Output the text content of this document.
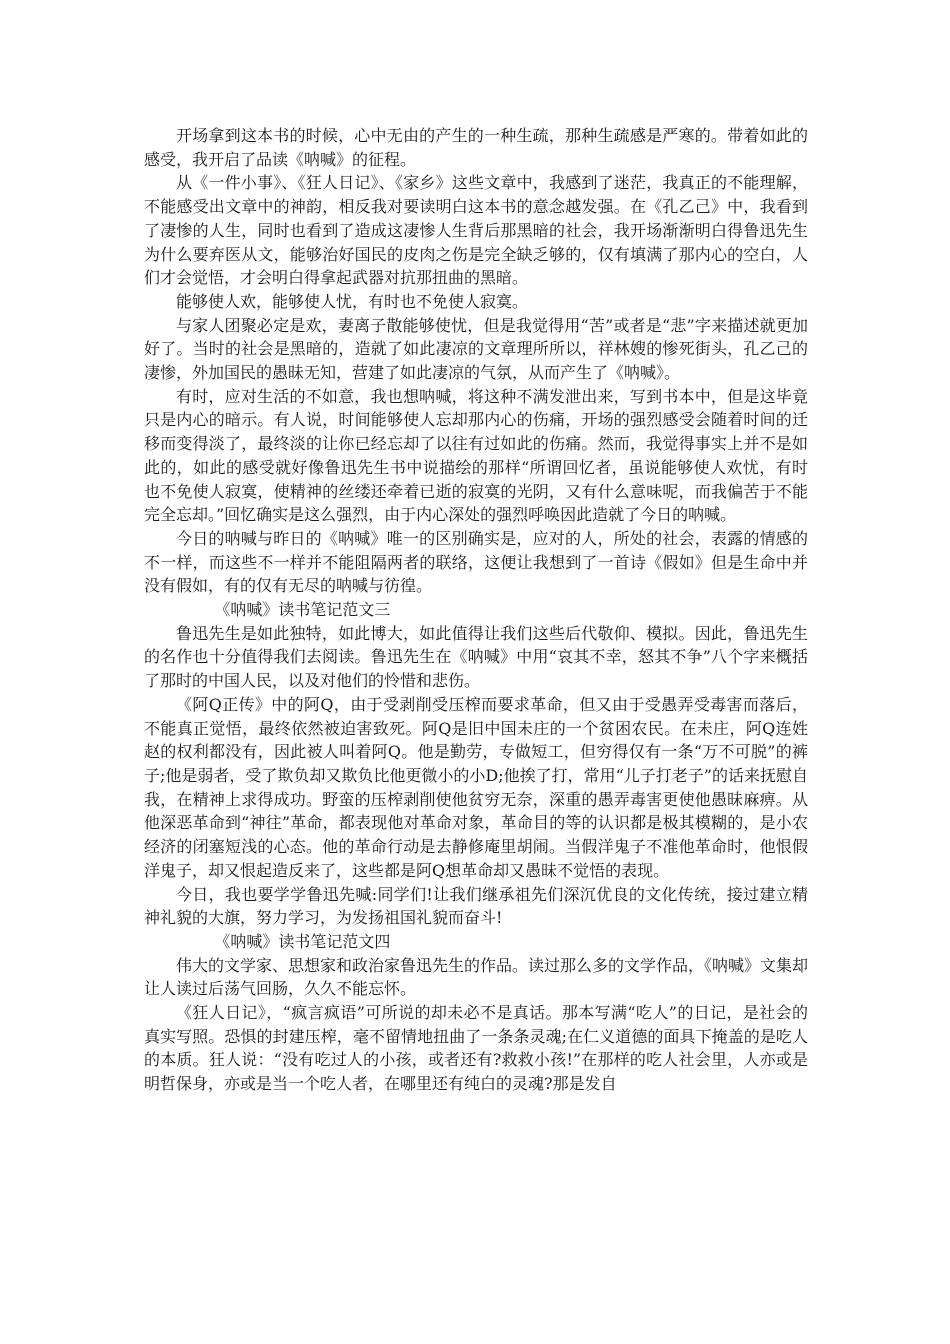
开场拿到这本书的时候，心中无由的产生的一种生疏，那种生疏感是严寒的。带着如此的感受，我开启了品读《呐喊》的征程。

从《一件小事》、《狂人日记》、《家乡》这些文章中，我感到了迷茫，我真正的不能理解，不能感受出文章中的神韵，相反我对要读明白这本书的意念越发强。在《孔乙己》中，我看到了凄惨的人生，同时也看到了造成这凄惨人生背后那黑暗的社会，我开场渐渐明白得鲁迅先生为什么要弃医从文，能够治好国民的皮肉之伤是完全缺乏够的，仅有填满了那内心的空白，人们才会觉悟，才会明白得拿起武器对抗那扭曲的黑暗。

能够使人欢，能够使人忧，有时也不免使人寂寞。

与家人团聚必定是欢，妻离子散能够使忧，但是我觉得用“苦”或者是“悲”字来描述就更加好了。当时的社会是黑暗的，造就了如此凄凉的文章理所所以，祥林嫂的惨死街头，孔乙己的凄惨，外加国民的愚昧无知，营建了如此凄凉的气氛，从而产生了《呐喊》。

有时，应对生活的不如意，我也想呐喊，将这种不满发泄出来，写到书本中，但是这毕竟只是内心的暗示。有人说，时间能够使人忘却那内心的伤痛，开场的强烈感受会随着时间的迁移而变得淡了，最终淡的让你已经忘却了以往有过如此的伤痛。然而，我觉得事实上并不是如此的，如此的感受就好像鲁迅先生书中说描绘的那样“所谓回忆者，虽说能够使人欢忧，有时也不免使人寂寞，使精神的丝缕还牵着已逝的寂寞的光阴，又有什么意味呢，而我偏苦于不能完全忘却。”回忆确实是这么强烈，由于内心深处的强烈呼唤因此造就了今日的呐喊。

今日的呐喊与昨日的《呐喊》唯一的区别确实是，应对的人，所处的社会，表露的情感的不一样，而这些不一样并不能阻隔两者的联络，这便让我想到了一首诗《假如》但是生命中并没有假如，有的仅有无尽的呐喊与彷徨。

《呐喊》读书笔记范文三

鲁迅先生是如此独特，如此博大，如此值得让我们这些后代敬仰、模拟。因此，鲁迅先生的名作也十分值得我们去阅读。鲁迅先生在《呐喊》中用“哀其不幸，怒其不争”八个字来概括了那时的中国人民，以及对他们的怜惜和悲伤。

《阿Q正传》中的阿Q，由于受剥削受压榨而要求革命，但又由于受愚弄受毒害而落后，不能真正觉悟，最终依然被迫害致死。阿Q是旧中国未庄的一个贫困农民。在未庄，阿Q连姓赵的权利都没有，因此被人叫着阿Q。他是勤劳，专做短工，但穷得仅有一条“万不可脱”的裤子;他是弱者，受了欺负却又欺负比他更微小的小D;他挨了打，常用“儿子打老子”的话来抚慰自我，在精神上求得成功。野蛮的压榨剥削使他贫穷无奈，深重的愚弄毒害更使他愚昧麻痹。从他深恶革命到“神往”革命，都表现他对革命对象，革命目的等的认识都是极其模糊的，是小农经济的闭塞短浅的心态。他的革命行动是去静修庵里胡闹。当假洋鬼子不准他革命时，他恨假洋鬼子，却又恨起造反来了，这些都是阿Q想革命却又愚昧不觉悟的表现。

今日，我也要学学鲁迅先喊:同学们!让我们继承祖先们深沉优良的文化传统，接过建立精神礼貌的大旗，努力学习，为发扬祖国礼貌而奋斗!

《呐喊》读书笔记范文四

伟大的文学家、思想家和政治家鲁迅先生的作品。读过那么多的文学作品，《呐喊》文集却让人读过后荡气回肠，久久不能忘怀。

《狂人日记》，“疯言疯语”可所说的却未必不是真话。那本写满“吃人”的日记，是社会的真实写照。恐惧的封建压榨，毫不留情地扭曲了一条条灵魂;在仁义道德的面具下掩盖的是吃人的本质。狂人说：“没有吃过人的小孩，或者还有?救救小孩!”在那样的吃人社会里，人亦或是明哲保身，亦或是当一个吃人者，在哪里还有纯白的灵魂?那是发自
